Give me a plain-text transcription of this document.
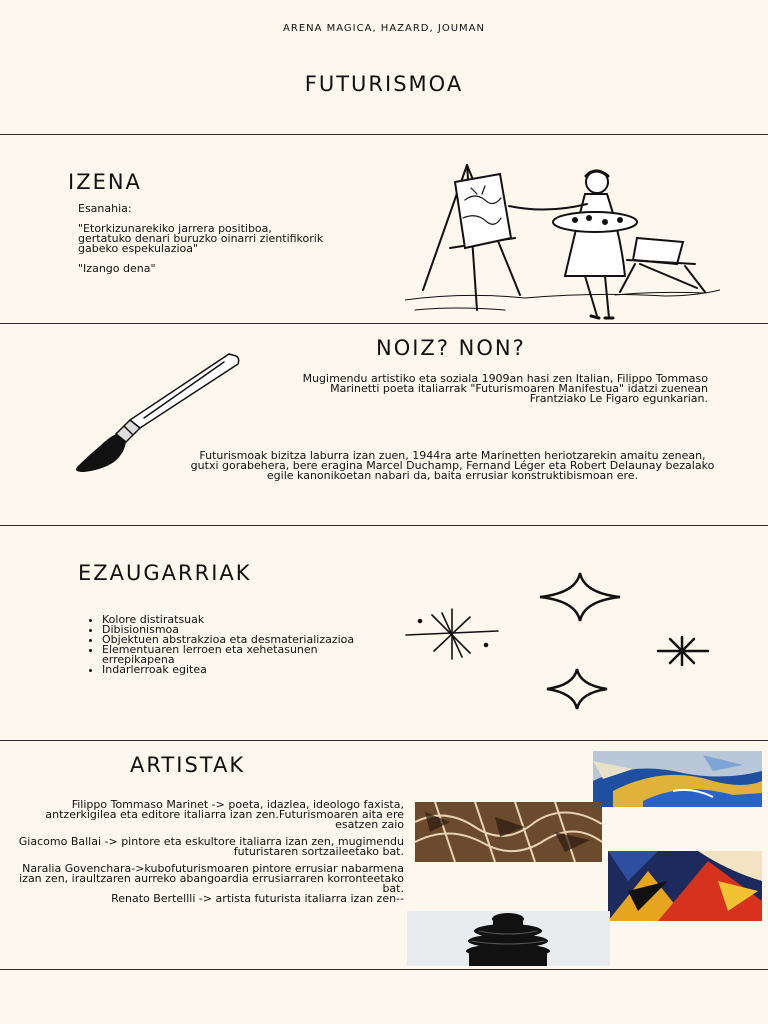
ARENA MAGICA, HAZARD, JOUMAN
FUTURISMOA
IZENA

Esanahia:

"Etorkizunarekiko jarrera positiboa, gertatuko denari buruzko oinarri zientifikorik gabeko espekulazioa"

"Izango dena"

NOIZ? NON?
Mugimendu artistiko eta soziala 1909an hasi zen Italian, Filippo Tommaso Marinetti poeta italiarrak "Futurismoaren Manifestua" idatzi zuenean Frantziako Le Figaro egunkarian.
Futurismoak bizitza laburra izan zuen, 1944ra arte Marinetten heriotzarekin amaitu zenean, gutxi gorabehera, bere eragina Marcel Duchamp, Fernand Léger eta Robert Delaunay bezalako egile kanonikoetan nabari da, baita errusiar konstruktibismoan ere.
EZAUGARRIAK
• Kolore distiratsuak
• Dibisionismoa
• Objektuen abstrakzioa eta desmaterializazioa
• Elementuaren lerroen eta xehetasunen errepikapena
• Indarlerroak egitea
ARTISTAK

Filippo Tommaso Marinet -> poeta, idazlea, ideologo faxista, antzerkigilea eta editore italiarra izan zen.Futurismoaren aita ere esatzen zaio

Giacomo Ballai -> pintore eta eskultore italiarra izan zen, mugimendu futuristaren sortzaileetako bat.

Naralia Govenchara->kubofuturismoaren pintore errusiar nabarmena izan zen, iraultzaren aurreko abangoardia errusiarraren korronteetako bat.

Renato Bertellli -> artista futurista italiarra izan zen--
